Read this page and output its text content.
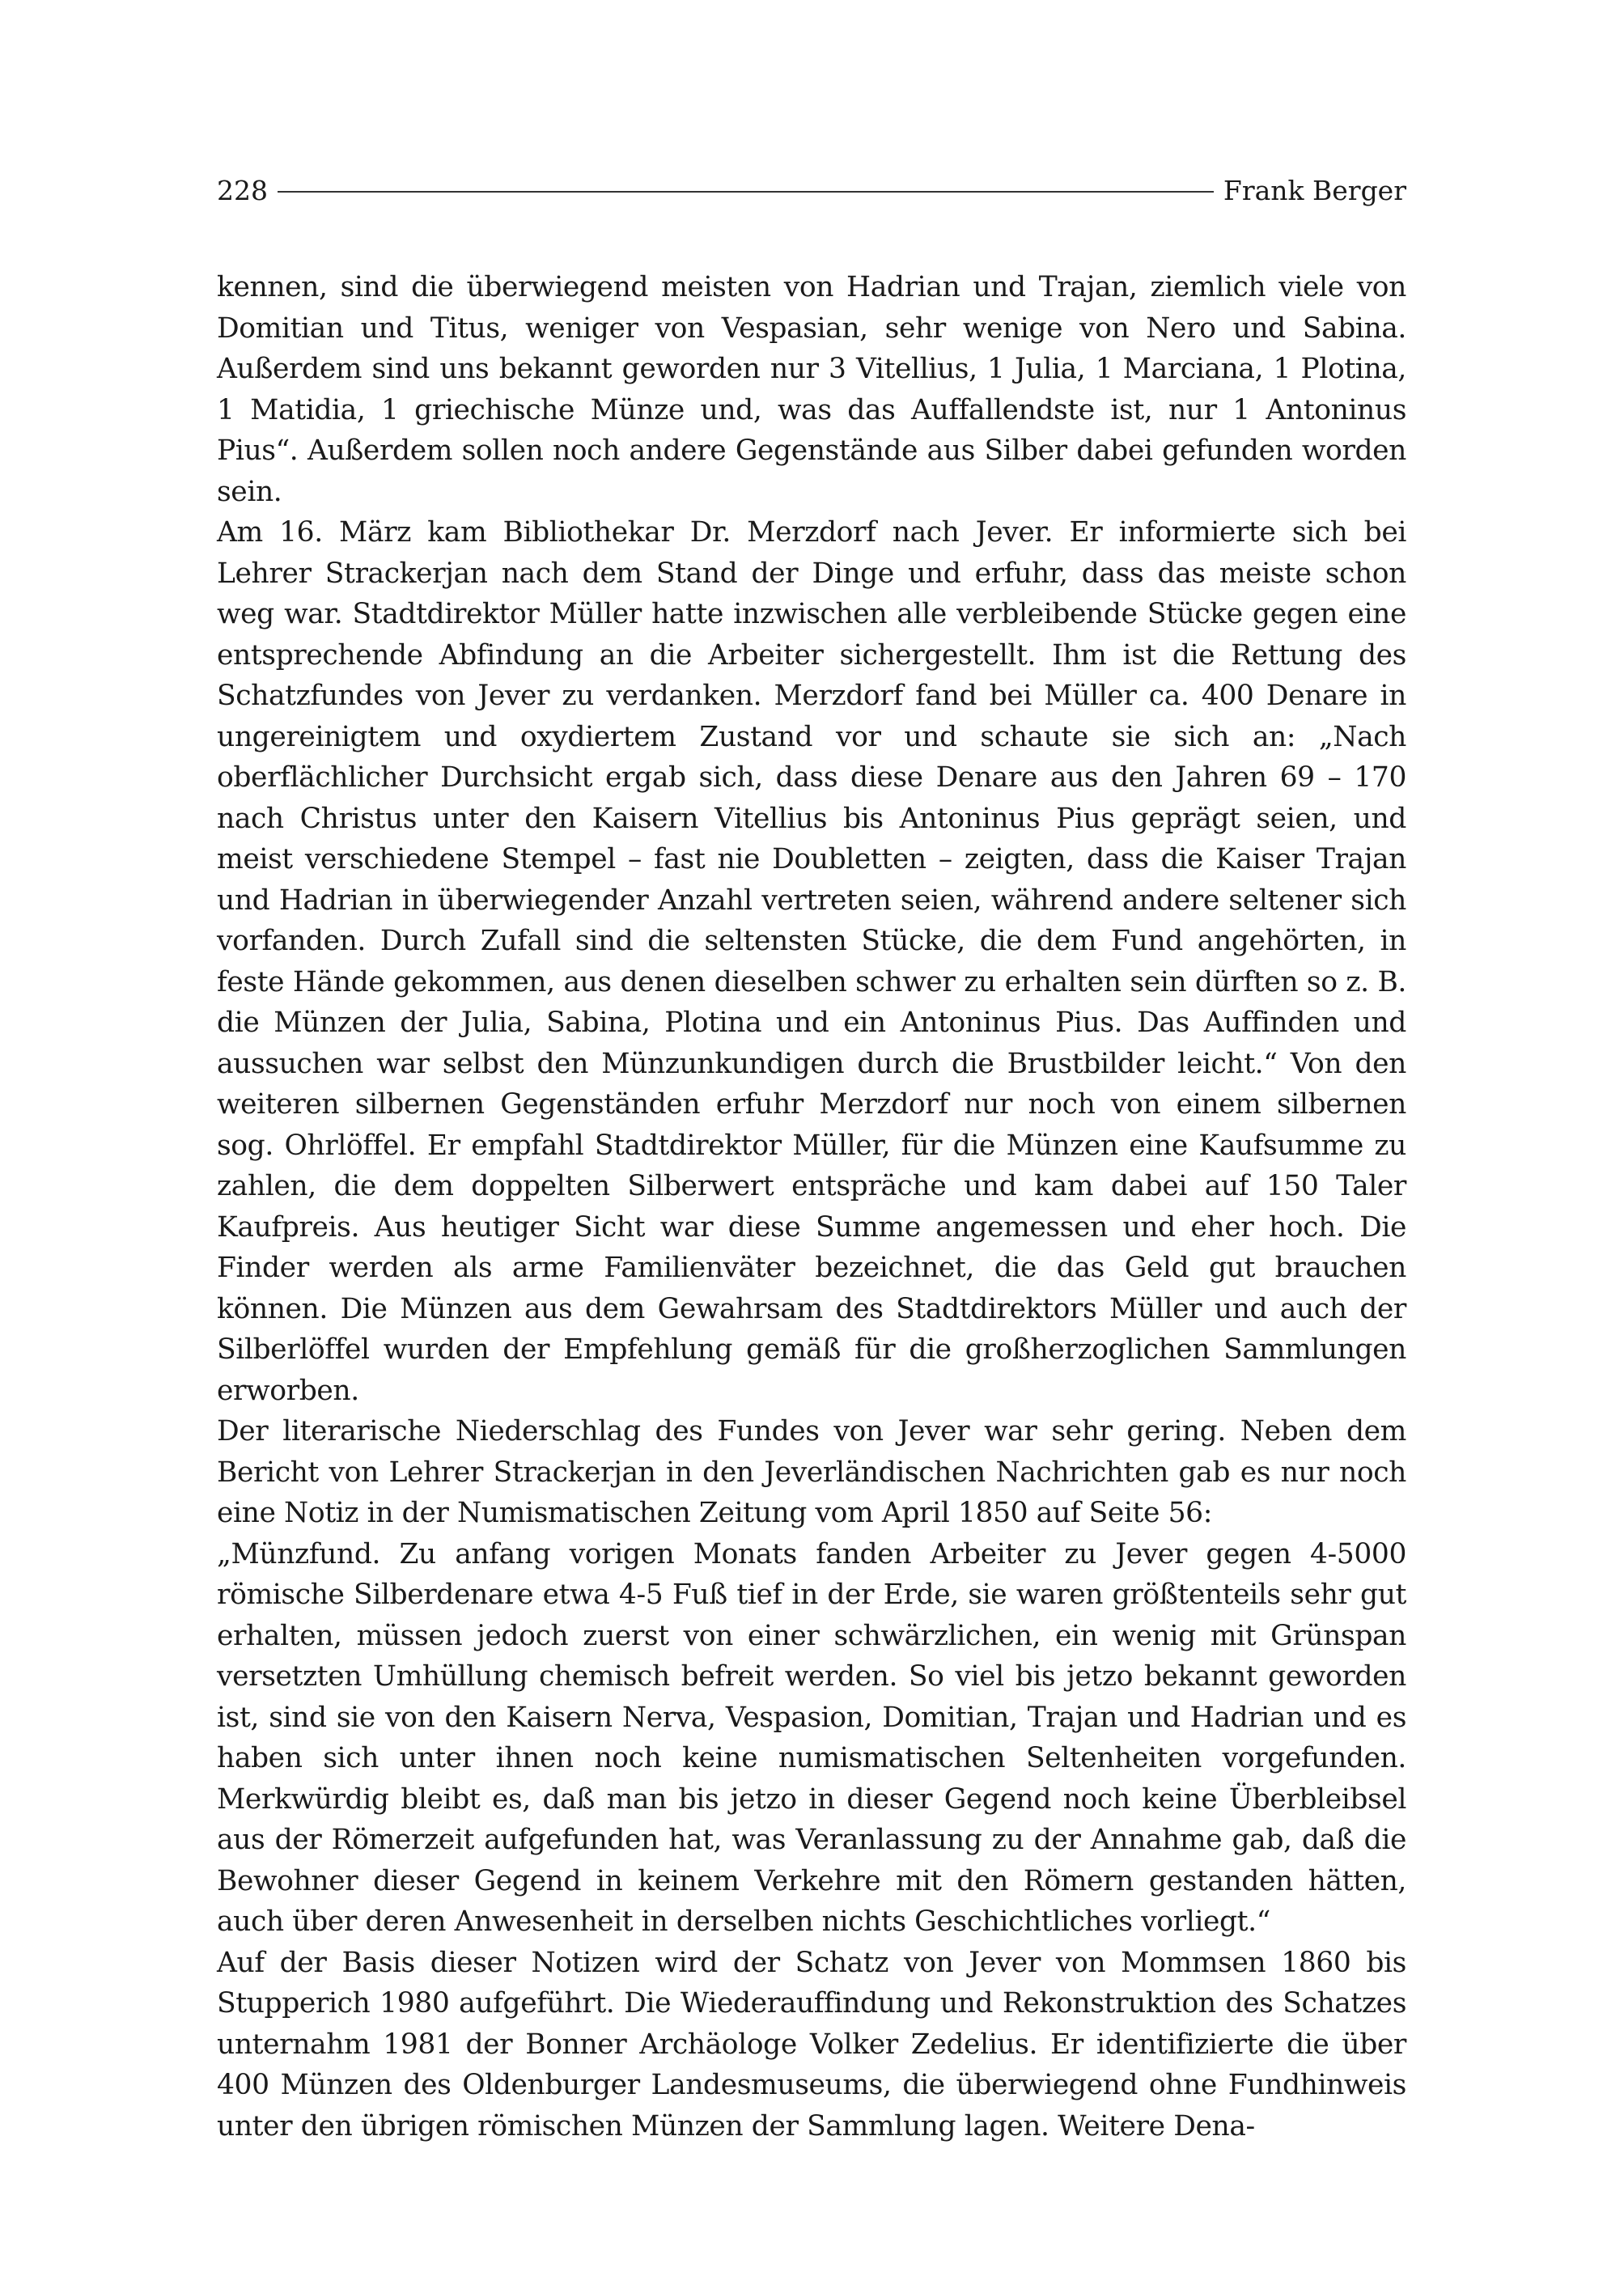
228	Frank Berger

kennen, sind die überwiegend meisten von Hadrian und Trajan, ziemlich viele von Domitian und Titus, weniger von Vespasian, sehr wenige von Nero und Sabina. Außerdem sind uns bekannt geworden nur 3 Vitellius, 1 Julia, 1 Marciana, 1 Plotina, 1 Matidia, 1 griechische Münze und, was das Auffallendste ist, nur 1 Antoninus Pius“. Außerdem sollen noch andere Gegenstände aus Silber dabei gefunden worden sein.

Am 16. März kam Bibliothekar Dr. Merzdorf nach Jever. Er informierte sich bei Lehrer Strackerjan nach dem Stand der Dinge und erfuhr, dass das meiste schon weg war. Stadtdirektor Müller hatte inzwischen alle verbleibende Stücke gegen eine entsprechende Abfindung an die Arbeiter sichergestellt. Ihm ist die Rettung des Schatzfundes von Jever zu verdanken. Merzdorf fand bei Müller ca. 400 Denare in ungereinigtem und oxydiertem Zustand vor und schaute sie sich an: „Nach oberflächlicher Durchsicht ergab sich, dass diese Denare aus den Jahren 69 – 170 nach Christus unter den Kaisern Vitellius bis Antoninus Pius geprägt seien, und meist verschiedene Stempel – fast nie Doubletten – zeigten, dass die Kaiser Trajan und Hadrian in überwiegender Anzahl vertreten seien, während andere seltener sich vorfanden. Durch Zufall sind die seltensten Stücke, die dem Fund angehörten, in feste Hände gekommen, aus denen dieselben schwer zu erhalten sein dürften so z. B. die Münzen der Julia, Sabina, Plotina und ein Antoninus Pius. Das Auffinden und aussuchen war selbst den Münzunkundigen durch die Brustbilder leicht.“ Von den weiteren silbernen Gegenständen erfuhr Merzdorf nur noch von einem silbernen sog. Ohrlöffel. Er empfahl Stadtdirektor Müller, für die Münzen eine Kaufsumme zu zahlen, die dem doppelten Silberwert entspräche und kam dabei auf 150 Taler Kaufpreis. Aus heutiger Sicht war diese Summe angemessen und eher hoch. Die Finder werden als arme Familienväter bezeichnet, die das Geld gut brauchen können. Die Münzen aus dem Gewahrsam des Stadtdirektors Müller und auch der Silberlöffel wurden der Empfehlung gemäß für die großherzoglichen Sammlungen erworben.

Der literarische Niederschlag des Fundes von Jever war sehr gering. Neben dem Bericht von Lehrer Strackerjan in den Jeverländischen Nachrichten gab es nur noch eine Notiz in der Numismatischen Zeitung vom April 1850 auf Seite 56:

„Münzfund. Zu anfang vorigen Monats fanden Arbeiter zu Jever gegen 4-5000 römische Silberdenare etwa 4-5 Fuß tief in der Erde, sie waren größtenteils sehr gut erhalten, müssen jedoch zuerst von einer schwärzlichen, ein wenig mit Grünspan versetzten Umhüllung chemisch befreit werden. So viel bis jetzo bekannt geworden ist, sind sie von den Kaisern Nerva, Vespasion, Domitian, Trajan und Hadrian und es haben sich unter ihnen noch keine numismatischen Seltenheiten vorgefunden. Merkwürdig bleibt es, daß man bis jetzo in dieser Gegend noch keine Überbleibsel aus der Römerzeit aufgefunden hat, was Veranlassung zu der Annahme gab, daß die Bewohner dieser Gegend in keinem Verkehre mit den Römern gestanden hätten, auch über deren Anwesenheit in derselben nichts Geschichtliches vorliegt.“

Auf der Basis dieser Notizen wird der Schatz von Jever von Mommsen 1860 bis Stupperich 1980 aufgeführt. Die Wiederauffindung und Rekonstruktion des Schatzes unternahm 1981 der Bonner Archäologe Volker Zedelius. Er identifizierte die über 400 Münzen des Oldenburger Landesmuseums, die überwiegend ohne Fundhinweis unter den übrigen römischen Münzen der Sammlung lagen. Weitere Dena-
